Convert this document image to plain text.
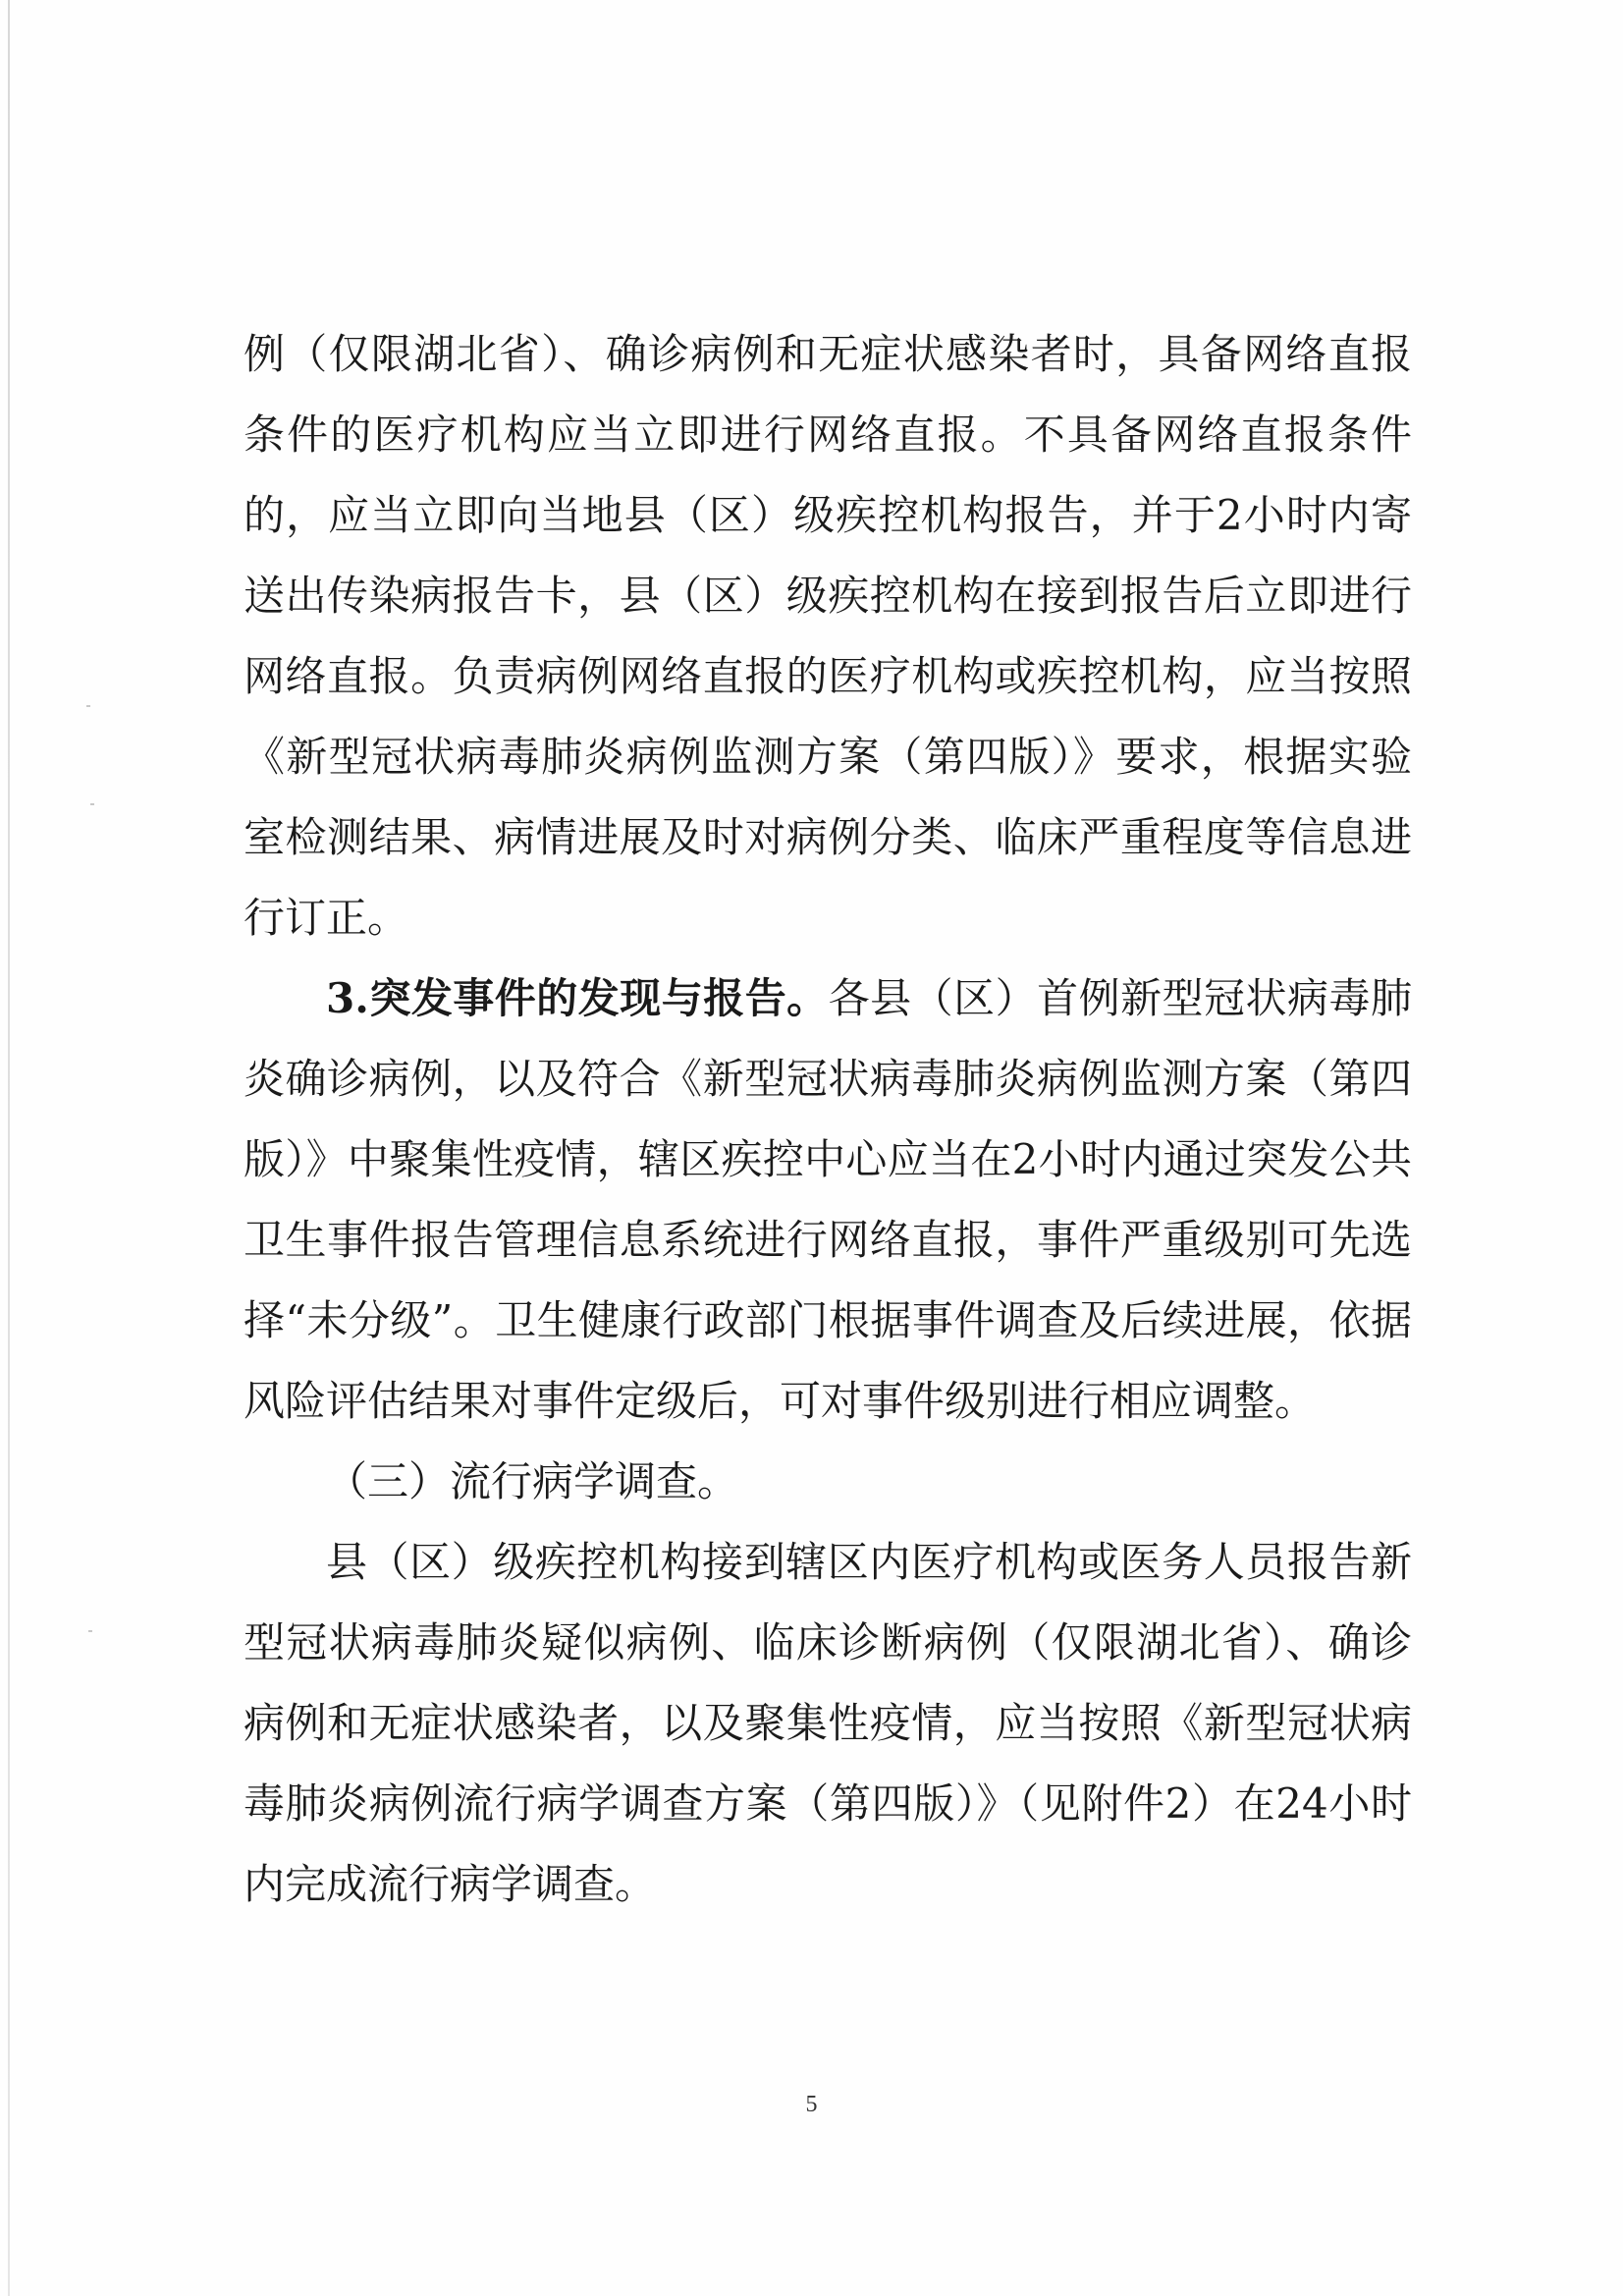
例（仅限湖北省）、确诊病例和无症状感染者时，具备网络直报条件的医疗机构应当立即进行网络直报。不具备网络直报条件的，应当立即向当地县（区）级疾控机构报告，并于2小时内寄送出传染病报告卡，县（区）级疾控机构在接到报告后立即进行网络直报。负责病例网络直报的医疗机构或疾控机构，应当按照《新型冠状病毒肺炎病例监测方案（第四版）》要求，根据实验室检测结果、病情进展及时对病例分类、临床严重程度等信息进行订正。

3.突发事件的发现与报告。各县（区）首例新型冠状病毒肺炎确诊病例，以及符合《新型冠状病毒肺炎病例监测方案（第四版）》中聚集性疫情，辖区疾控中心应当在2小时内通过突发公共卫生事件报告管理信息系统进行网络直报，事件严重级别可先选择“未分级”。卫生健康行政部门根据事件调查及后续进展，依据风险评估结果对事件定级后，可对事件级别进行相应调整。

（三）流行病学调查。

县（区）级疾控机构接到辖区内医疗机构或医务人员报告新型冠状病毒肺炎疑似病例、临床诊断病例（仅限湖北省）、确诊病例和无症状感染者，以及聚集性疫情，应当按照《新型冠状病毒肺炎病例流行病学调查方案（第四版）》（见附件2）在24小时内完成流行病学调查。

5
